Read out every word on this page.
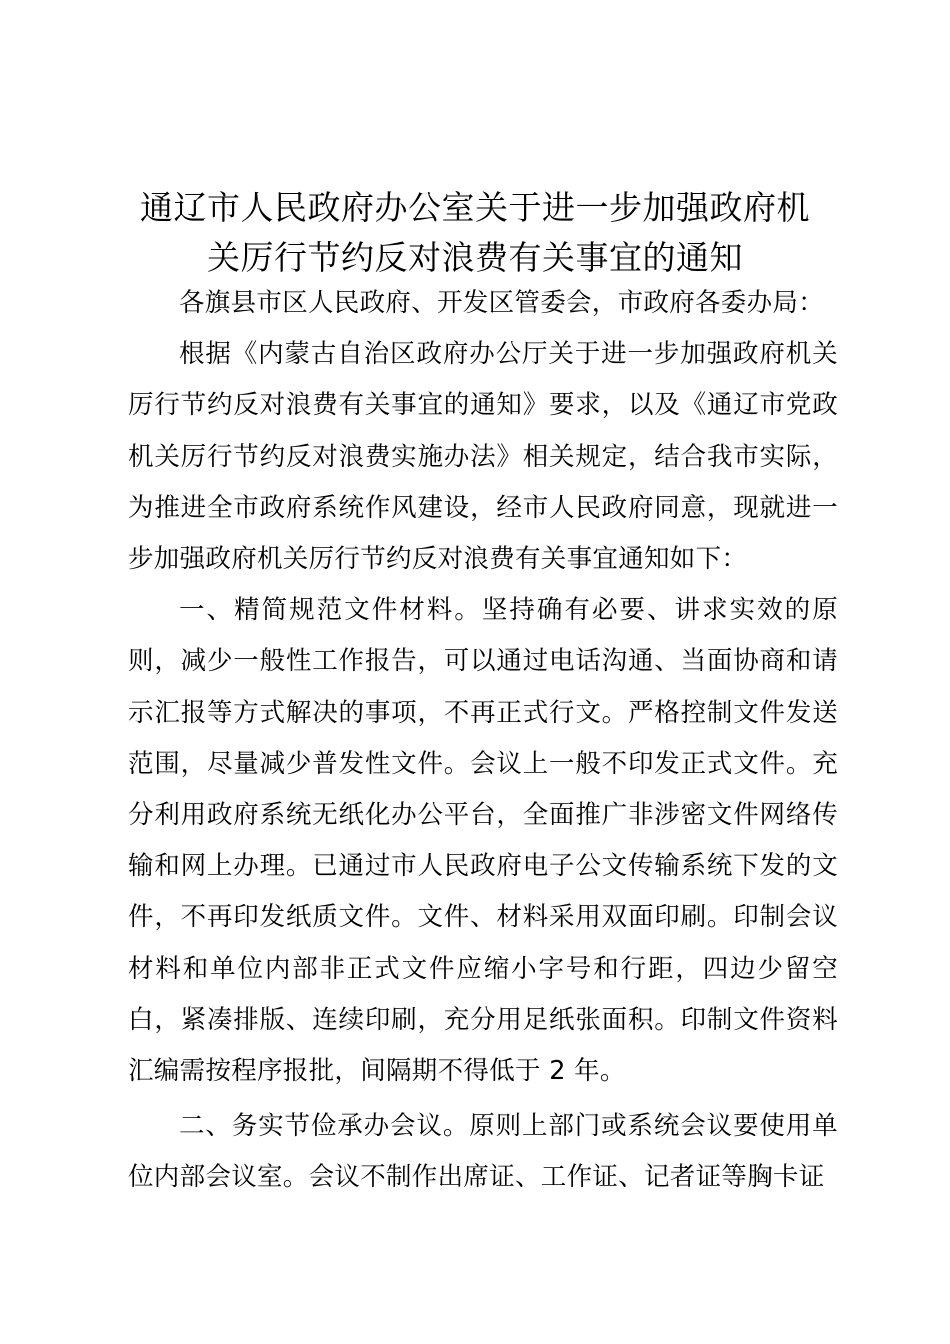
通辽市人民政府办公室关于进一步加强政府机
关厉行节约反对浪费有关事宜的通知

各旗县市区人民政府、开发区管委会，市政府各委办局：

根据《内蒙古自治区政府办公厅关于进一步加强政府机关厉行节约反对浪费有关事宜的通知》要求，以及《通辽市党政机关厉行节约反对浪费实施办法》相关规定，结合我市实际，为推进全市政府系统作风建设，经市人民政府同意，现就进一步加强政府机关厉行节约反对浪费有关事宜通知如下：

一、精简规范文件材料。坚持确有必要、讲求实效的原则，减少一般性工作报告，可以通过电话沟通、当面协商和请示汇报等方式解决的事项，不再正式行文。严格控制文件发送范围，尽量减少普发性文件。会议上一般不印发正式文件。充分利用政府系统无纸化办公平台，全面推广非涉密文件网络传输和网上办理。已通过市人民政府电子公文传输系统下发的文件，不再印发纸质文件。文件、材料采用双面印刷。印制会议材料和单位内部非正式文件应缩小字号和行距，四边少留空白，紧凑排版、连续印刷，充分用足纸张面积。印制文件资料汇编需按程序报批，间隔期不得低于 2 年。

二、务实节俭承办会议。原则上部门或系统会议要使用单位内部会议室。会议不制作出席证、工作证、记者证等胸卡证
